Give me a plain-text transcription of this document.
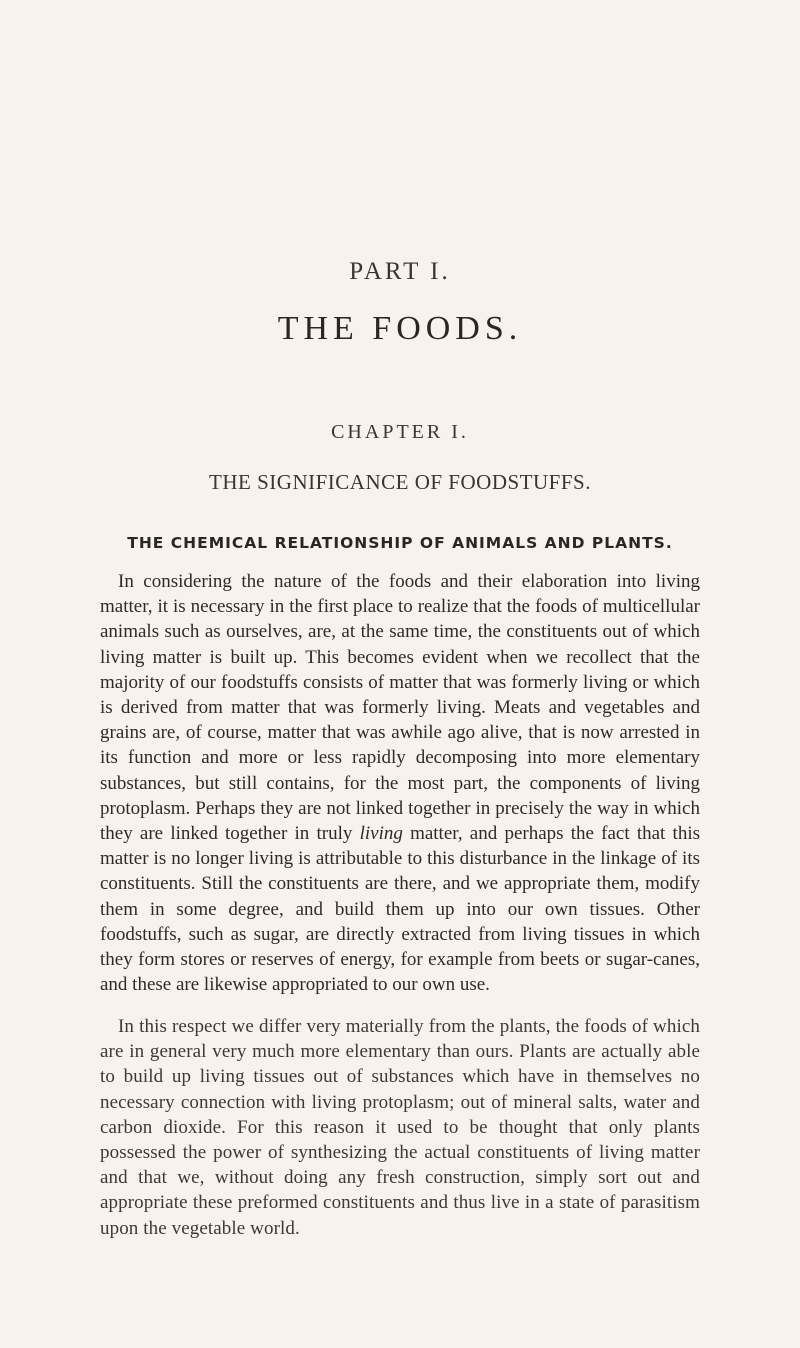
PART I.
THE FOODS.
CHAPTER I.
THE SIGNIFICANCE OF FOODSTUFFS.
THE CHEMICAL RELATIONSHIP OF ANIMALS AND PLANTS.

In considering the nature of the foods and their elaboration into living matter, it is necessary in the first place to realize that the foods of multicellular animals such as ourselves, are, at the same time, the constituents out of which living matter is built up. This becomes evident when we recollect that the majority of our foodstuffs consists of matter that was formerly living or which is derived from matter that was formerly living. Meats and vegetables and grains are, of course, matter that was awhile ago alive, that is now arrested in its function and more or less rapidly decomposing into more elementary substances, but still contains, for the most part, the components of living protoplasm. Perhaps they are not linked together in precisely the way in which they are linked together in truly living matter, and perhaps the fact that this matter is no longer living is attributable to this disturbance in the linkage of its constituents. Still the constituents are there, and we appropriate them, modify them in some degree, and build them up into our own tissues. Other foodstuffs, such as sugar, are directly extracted from living tissues in which they form stores or reserves of energy, for example from beets or sugar-canes, and these are likewise appropriated to our own use.

In this respect we differ very materially from the plants, the foods of which are in general very much more elementary than ours. Plants are actually able to build up living tissues out of substances which have in themselves no necessary connection with living protoplasm; out of mineral salts, water and carbon dioxide. For this reason it used to be thought that only plants possessed the power of synthesizing the actual constituents of living matter and that we, without doing any fresh construction, simply sort out and appropriate these preformed constituents and thus live in a state of parasitism upon the vegetable world.
